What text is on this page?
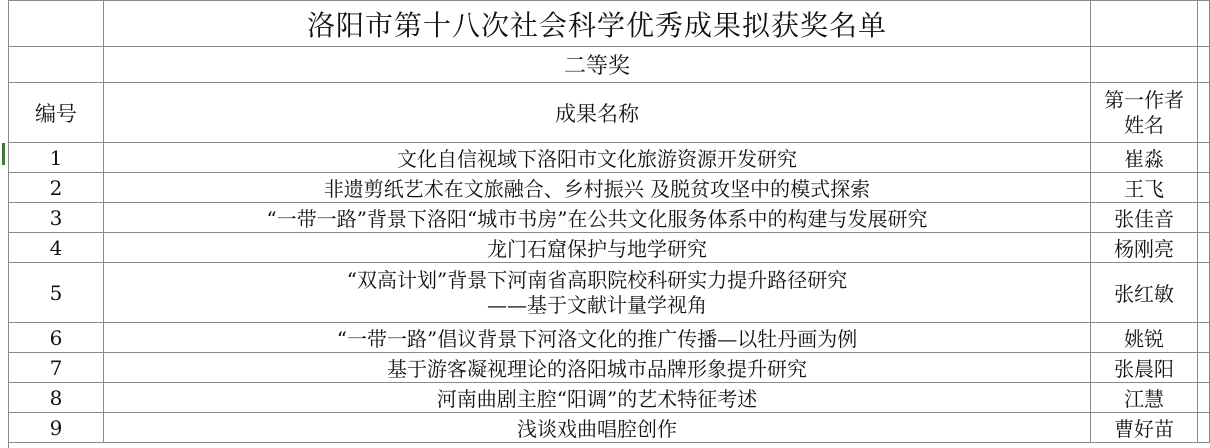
	洛阳市第十八次社会科学优秀成果拟获奖名单		
	二等奖		
编号	成果名称	第一作者
姓名	

1	文化自信视域下洛阳市文化旅游资源开发研究	崔淼	
2	非遗剪纸艺术在文旅融合、乡村振兴 及脱贫攻坚中的模式探索	王飞	
3	“一带一路”背景下洛阳“城市书房”在公共文化服务体系中的构建与发展研究	张佳音	
4	龙门石窟保护与地学研究	杨刚亮	
5	“双高计划”背景下河南省高职院校科研实力提升路径研究
——基于文献计量学视角	张红敏	
6	“一带一路”倡议背景下河洛文化的推广传播—以牡丹画为例	姚锐	
7	基于游客凝视理论的洛阳城市品牌形象提升研究	张晨阳	
8	河南曲剧主腔“阳调”的艺术特征考述	江慧	
9	浅谈戏曲唱腔创作	曹好苗	
